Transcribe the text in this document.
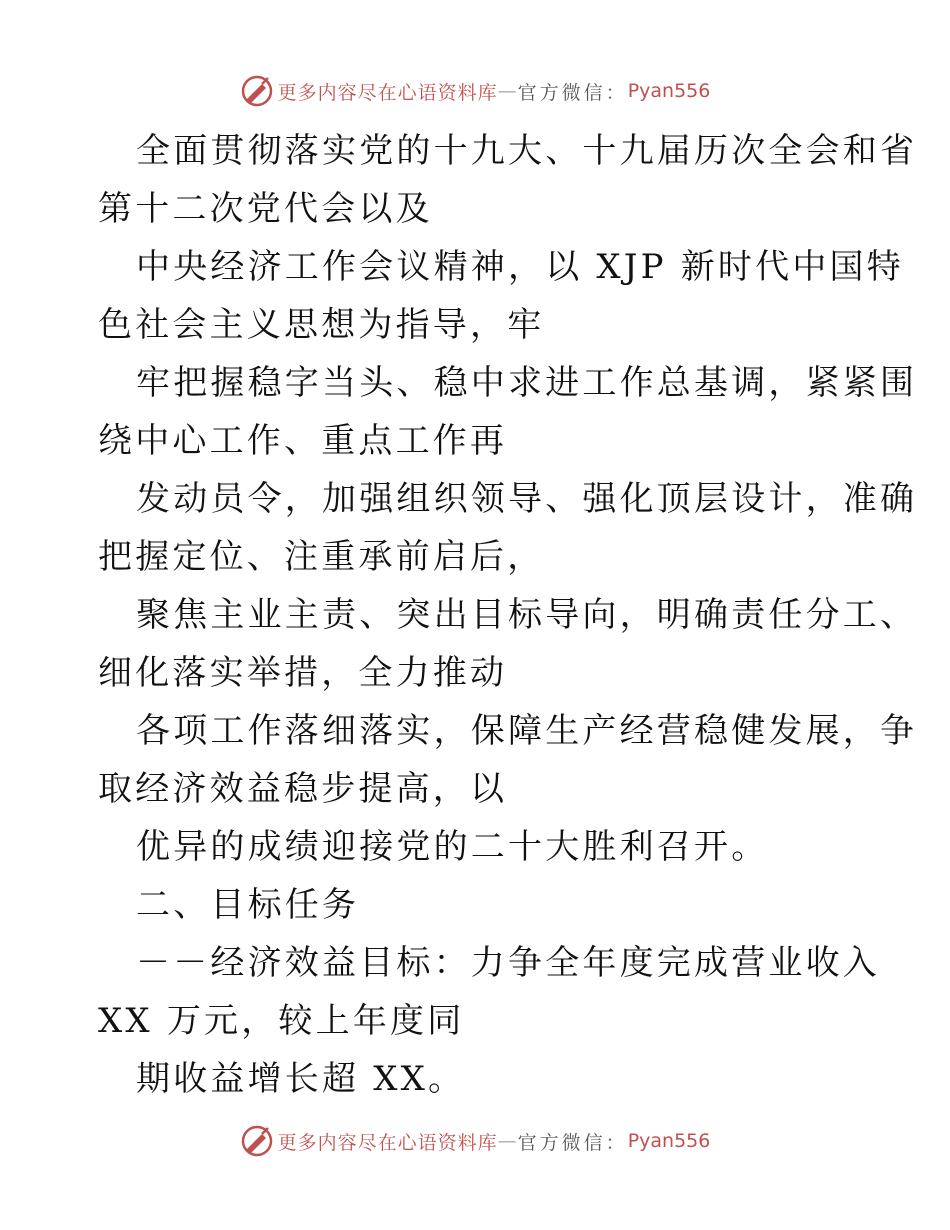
更多内容尽在心语资料库 — 官方微信： Pyan556
全面贯彻落实党的十九大、十九届历次全会和省
第十二次党代会以及
中央经济工作会议精神，以 XJP 新时代中国特
色社会主义思想为指导，牢
牢把握稳字当头、稳中求进工作总基调，紧紧围
绕中心工作、重点工作再
发动员令，加强组织领导、强化顶层设计，准确
把握定位、注重承前启后，
聚焦主业主责、突出目标导向，明确责任分工、
细化落实举措，全力推动
各项工作落细落实，保障生产经营稳健发展，争
取经济效益稳步提高，以
优异的成绩迎接党的二十大胜利召开。
二、目标任务
－－经济效益目标：力争全年度完成营业收入
XX 万元，较上年度同
期收益增长超 XX。
更多内容尽在心语资料库 — 官方微信： Pyan556
